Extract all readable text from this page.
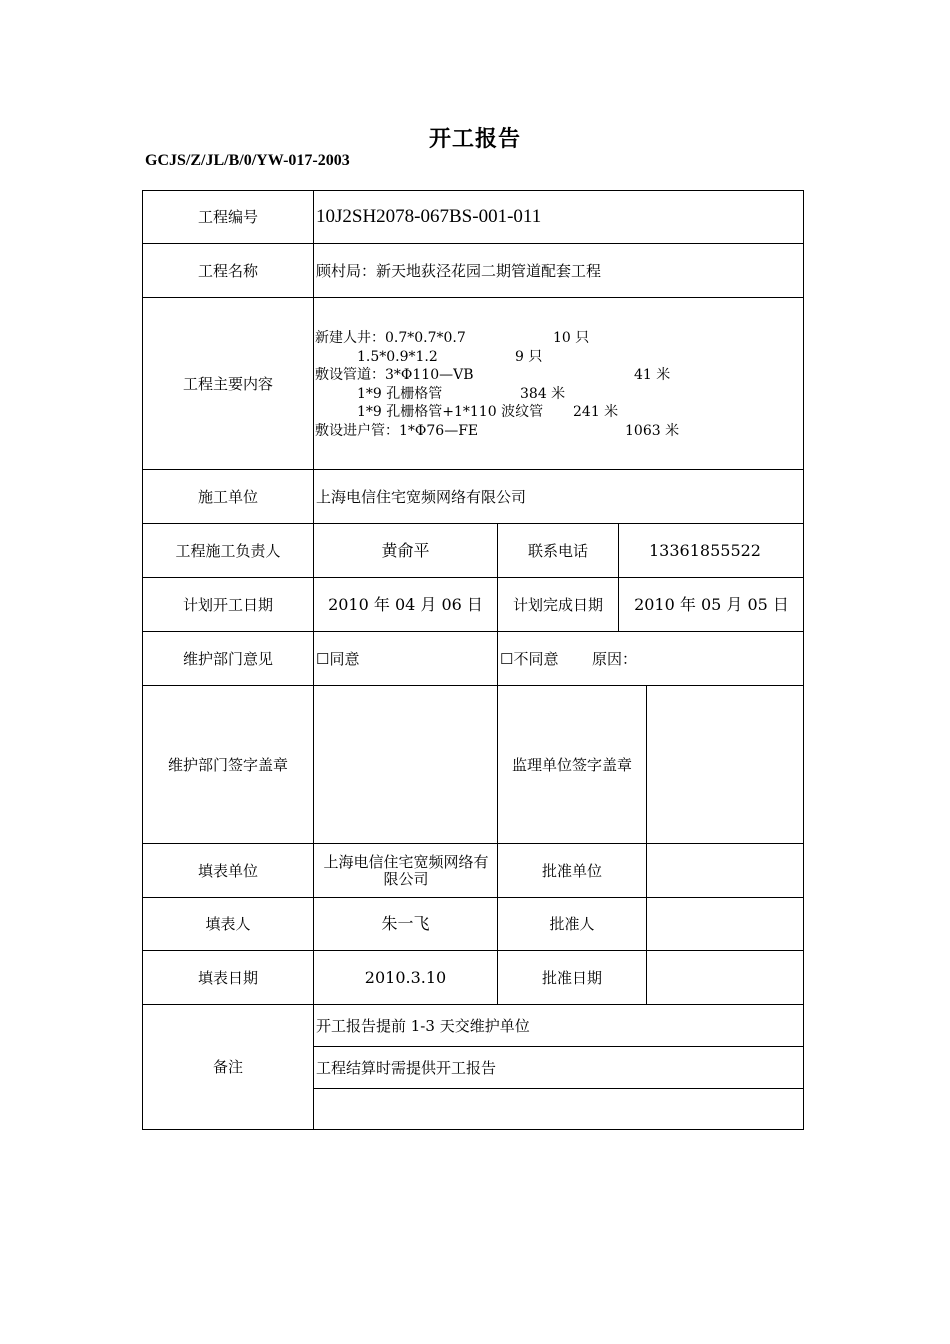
开工报告
GCJS/Z/JL/B/0/YW-017-2003
工程编号	10J2SH2078-067BS-001-011
工程名称	顾村局：新天地荻泾花园二期管道配套工程
工程主要内容
新建人井：0.7*0.7*0.7	10 只
1.5*0.9*1.2	9 只
敷设管道：3*Φ110—VB	41 米
1*9 孔栅格管	384 米
1*9 孔栅格管+1*110 波纹管 241 米
敷设进户管：1*Φ76—FE	1063 米
施工单位	上海电信住宅宽频网络有限公司
工程施工负责人	黄俞平	联系电话	13361855522
计划开工日期	2010 年 04 月 06 日	计划完成日期	2010 年 05 月 05 日
维护部门意见	☐同意	☐不同意	原因：
维护部门签字盖章	监理单位签字盖章
填表单位	上海电信住宅宽频网络有限公司	批准单位
填表人	朱一飞	批准人
填表日期	2010.3.10	批准日期
备注
开工报告提前 1-3 天交维护单位
工程结算时需提供开工报告
